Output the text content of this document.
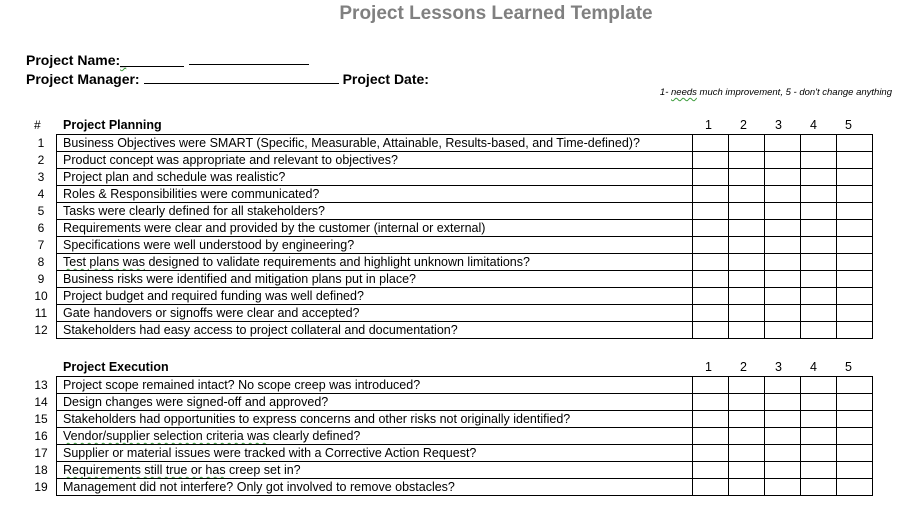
Project Lessons Learned Template
Project Name:_
Project Manager:	Project Date:
1- needs much improvement, 5 - don't change anything
# Project Planning	1	2	3	4	5
1	Business Objectives were SMART (Specific, Measurable, Attainable, Results-based, and Time-defined)?					
2	Product concept was appropriate and relevant to objectives?					
3	Project plan and schedule was realistic?					
4	Roles & Responsibilities were communicated?					
5	Tasks were clearly defined for all stakeholders?					
6	Requirements were clear and provided by the customer (internal or external)					
7	Specifications were well understood by engineering?					
8	Test plans was designed to validate requirements and highlight unknown limitations?					
9	Business risks were identified and mitigation plans put in place?					
10	Project budget and required funding was well defined?					
11	Gate handovers or signoffs were clear and accepted?					
12	Stakeholders had easy access to project collateral and documentation?					
Project Execution	1	2	3	4	5
13	Project scope remained intact? No scope creep was introduced?					
14	Design changes were signed-off and approved?					
15	Stakeholders had opportunities to express concerns and other risks not originally identified?					
16	Vendor/supplier selection criteria was clearly defined?					
17	Supplier or material issues were tracked with a Corrective Action Request?					
18	Requirements still true or has creep set in?					
19	Management did not interfere? Only got involved to remove obstacles?					
